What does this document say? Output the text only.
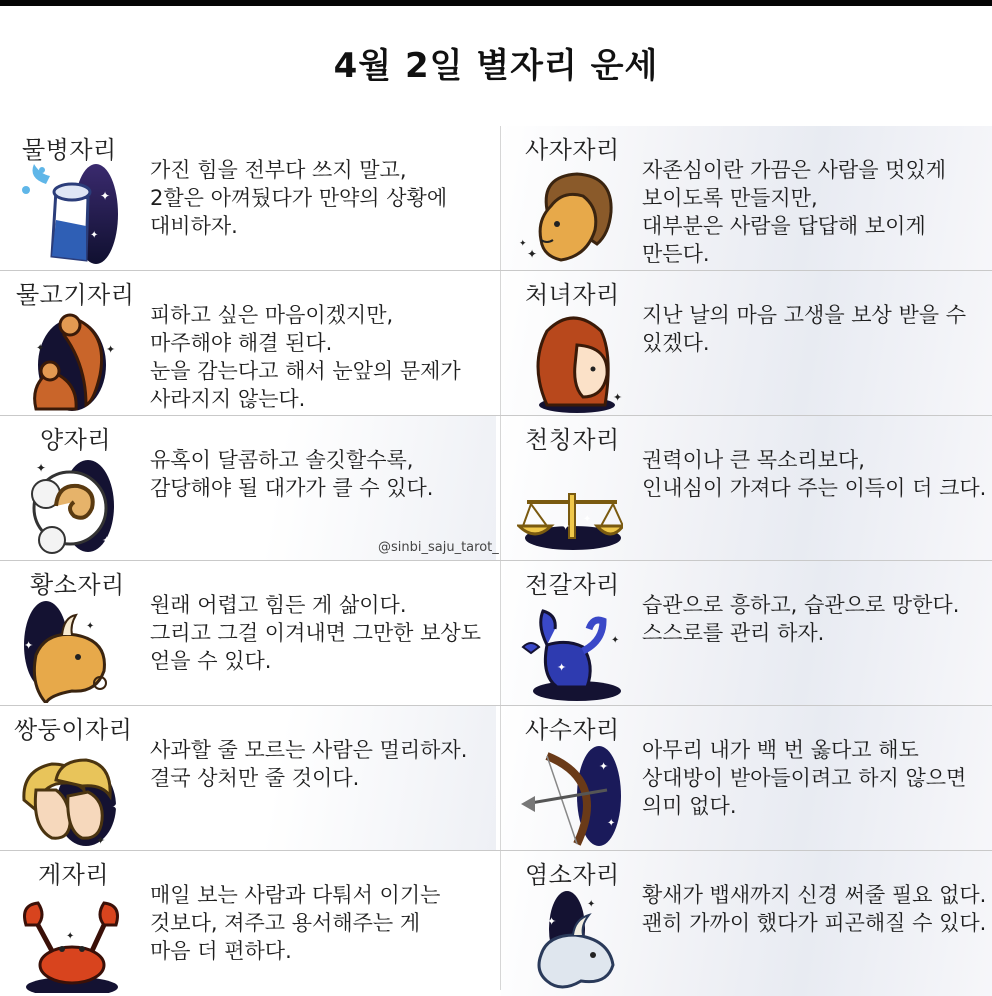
4월 2일 별자리 운세
물병자리
✦
✦
가진 힘을 전부다 쓰지 말고,
2할은 아껴뒀다가 만약의 상황에
대비하자.
사자자리
✦
✦
자존심이란 가끔은 사람을 멋있게
보이도록 만들지만,
대부분은 사람을 답답해 보이게
만든다.
물고기자리
✦
✦
피하고 싶은 마음이겠지만,
마주해야 해결 된다.
눈을 감는다고 해서 눈앞의 문제가
사라지지 않는다.
처녀자리
✦
✦
지난 날의 마음 고생을 보상 받을 수
있겠다.
양자리
✦
✦
유혹이 달콤하고 솔깃할수록,
감당해야 될 대가가 클 수 있다.
천칭자리
✦
✦
권력이나 큰 목소리보다,
인내심이 가져다 주는 이득이 더 크다.
@sinbi_saju_tarot_
황소자리
✦
✦
원래 어렵고 힘든 게 삶이다.
그리고 그걸 이겨내면 그만한 보상도
얻을 수 있다.
전갈자리
✦
✦
습관으로 흥하고, 습관으로 망한다.
스스로를 관리 하자.
쌍둥이자리
✦
✦
사과할 줄 모르는 사람은 멀리하자.
결국 상처만 줄 것이다.
사수자리
✦
✦
아무리 내가 백 번 옳다고 해도
상대방이 받아들이려고 하지 않으면
의미 없다.
게자리
✦
매일 보는 사람과 다퉈서 이기는
것보다, 져주고 용서해주는 게
마음 더 편하다.
염소자리
✦
✦ 황새가 뱁새까지 신경 써줄 필요 없다.
괜히 가까이 했다가 피곤해질 수 있다.
